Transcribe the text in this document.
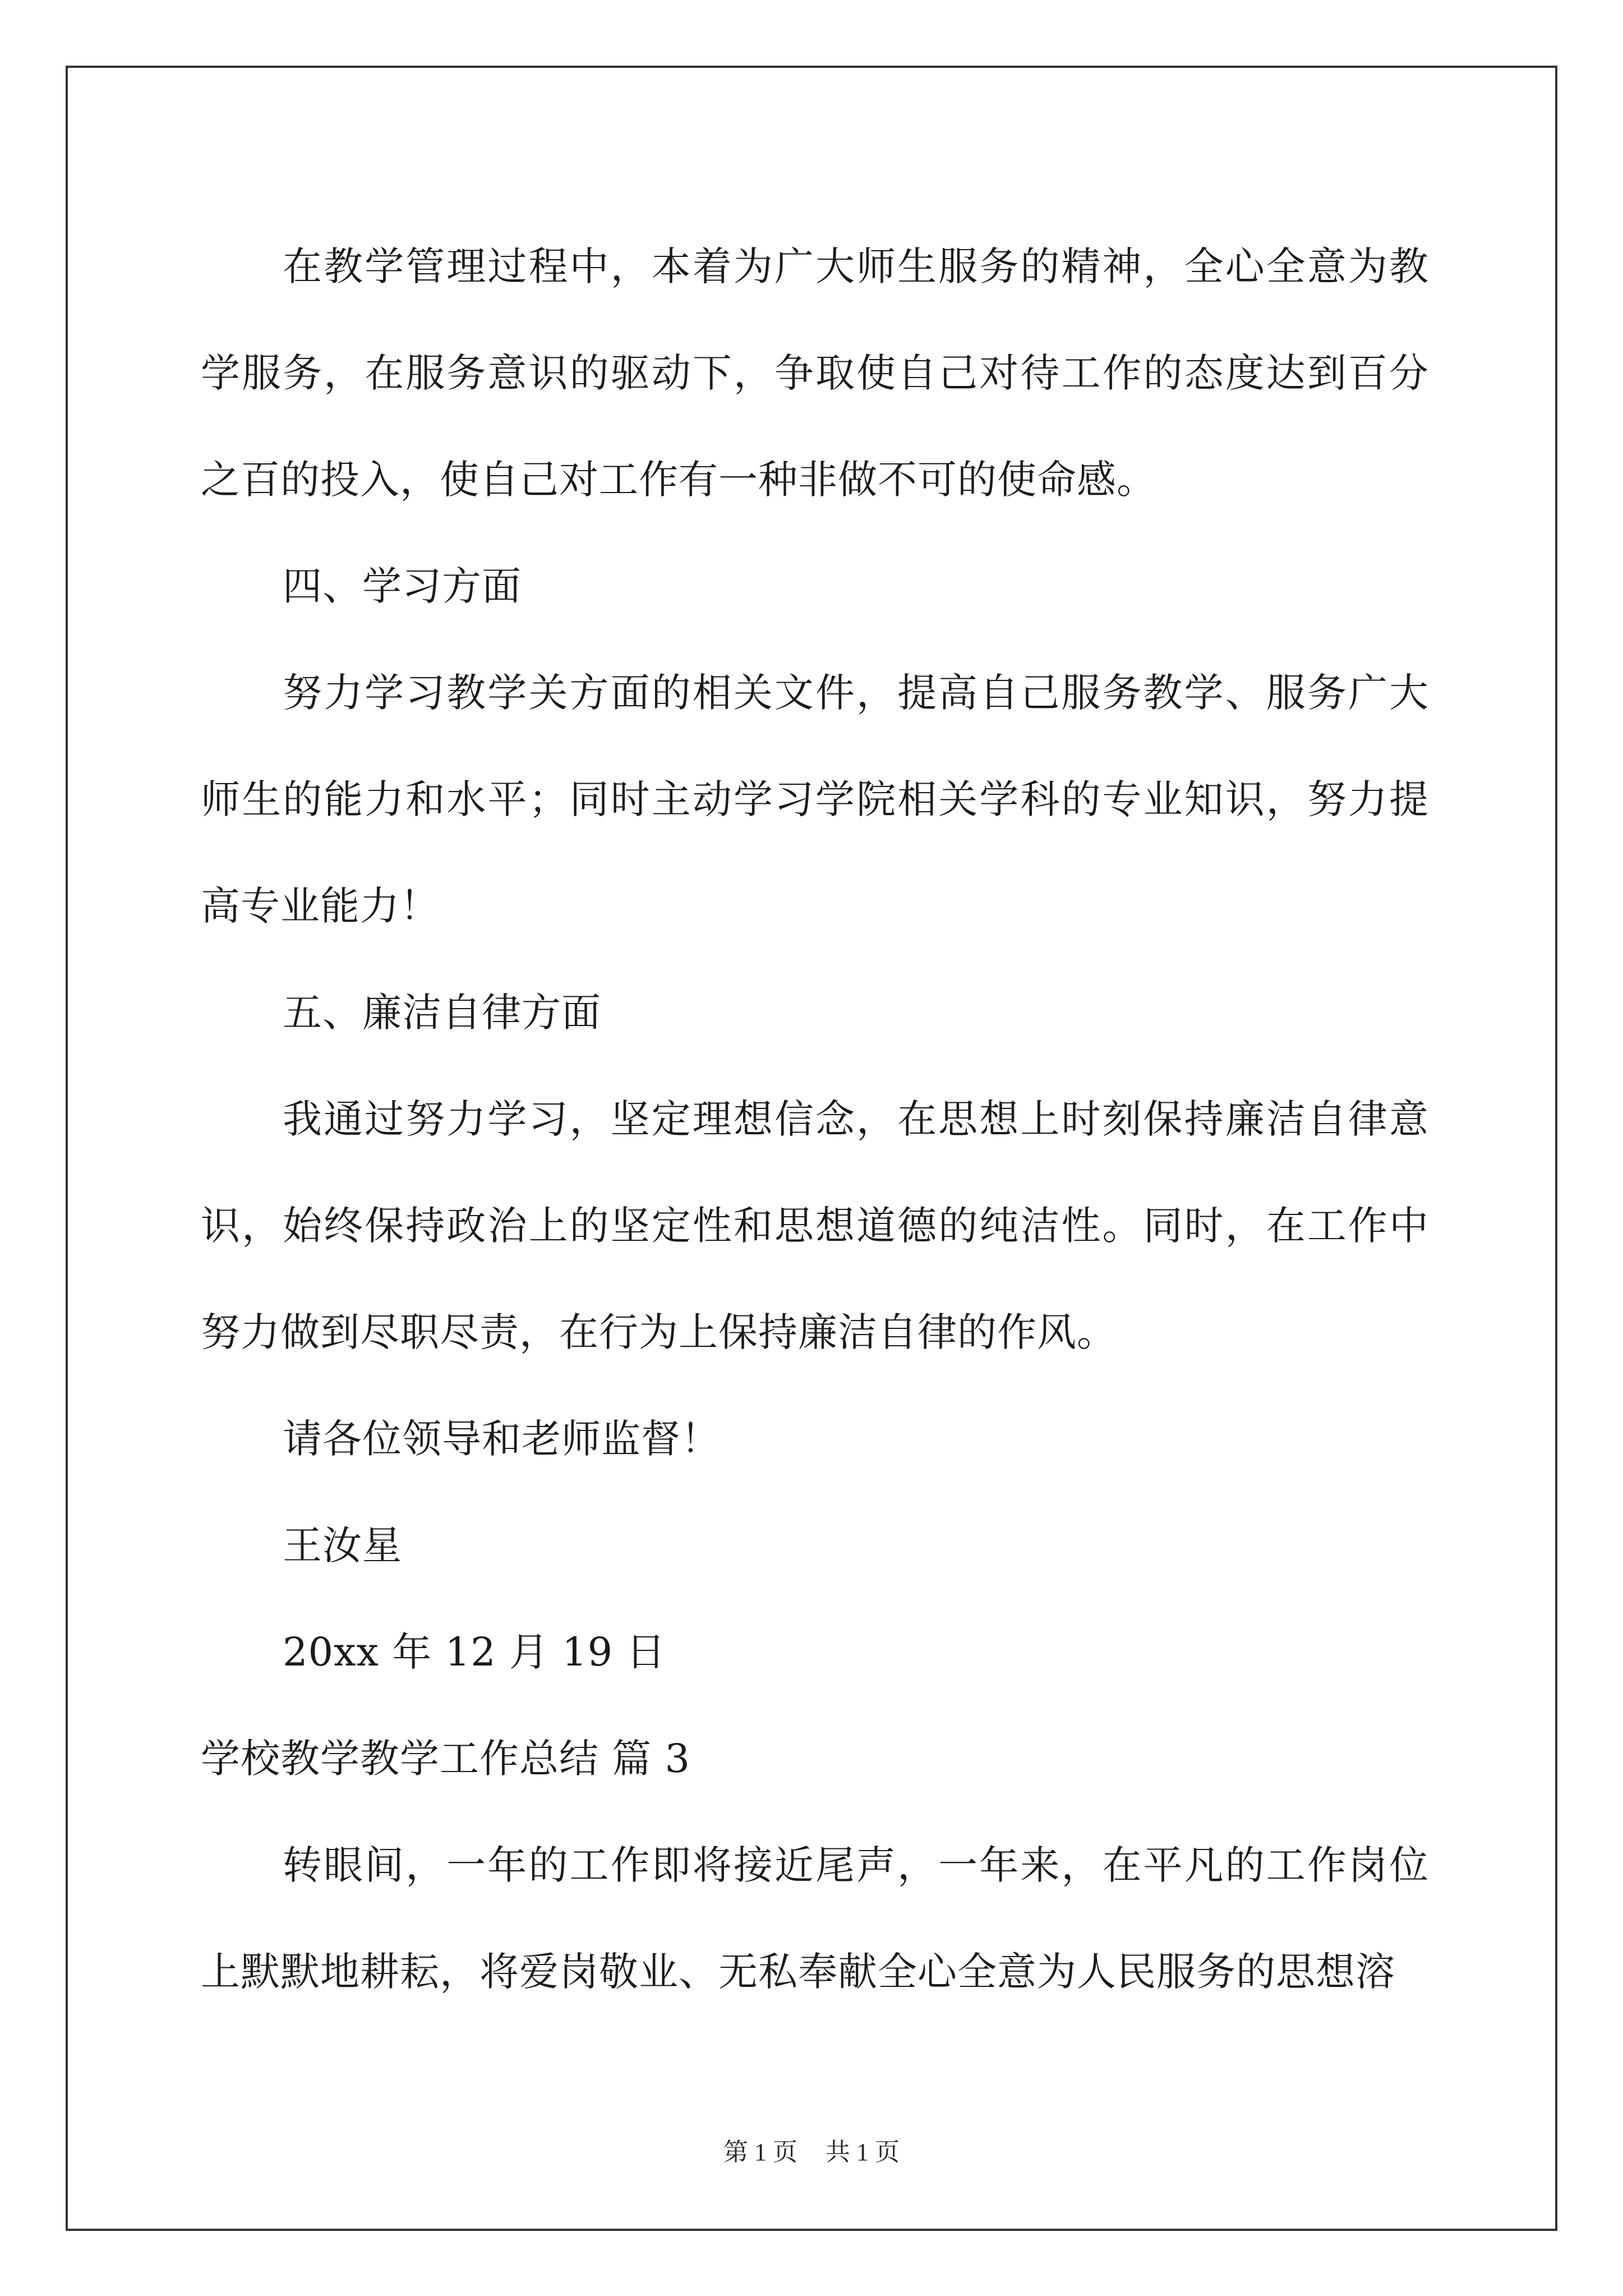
在教学管理过程中，本着为广大师生服务的精神，全心全意为教学服务，在服务意识的驱动下，争取使自己对待工作的态度达到百分之百的投入，使自己对工作有一种非做不可的使命感。

四、学习方面

努力学习教学关方面的相关文件，提高自己服务教学、服务广大师生的能力和水平；同时主动学习学院相关学科的专业知识，努力提高专业能力！

五、廉洁自律方面

我通过努力学习，坚定理想信念，在思想上时刻保持廉洁自律意识，始终保持政治上的坚定性和思想道德的纯洁性。同时，在工作中努力做到尽职尽责，在行为上保持廉洁自律的作风。

请各位领导和老师监督！

王汝星

20xx 年 12 月 19 日

学校教学教学工作总结 篇 3

转眼间，一年的工作即将接近尾声，一年来，在平凡的工作岗位上默默地耕耘，将爱岗敬业、无私奉献全心全意为人民服务的思想溶

第 1 页 共 1 页
